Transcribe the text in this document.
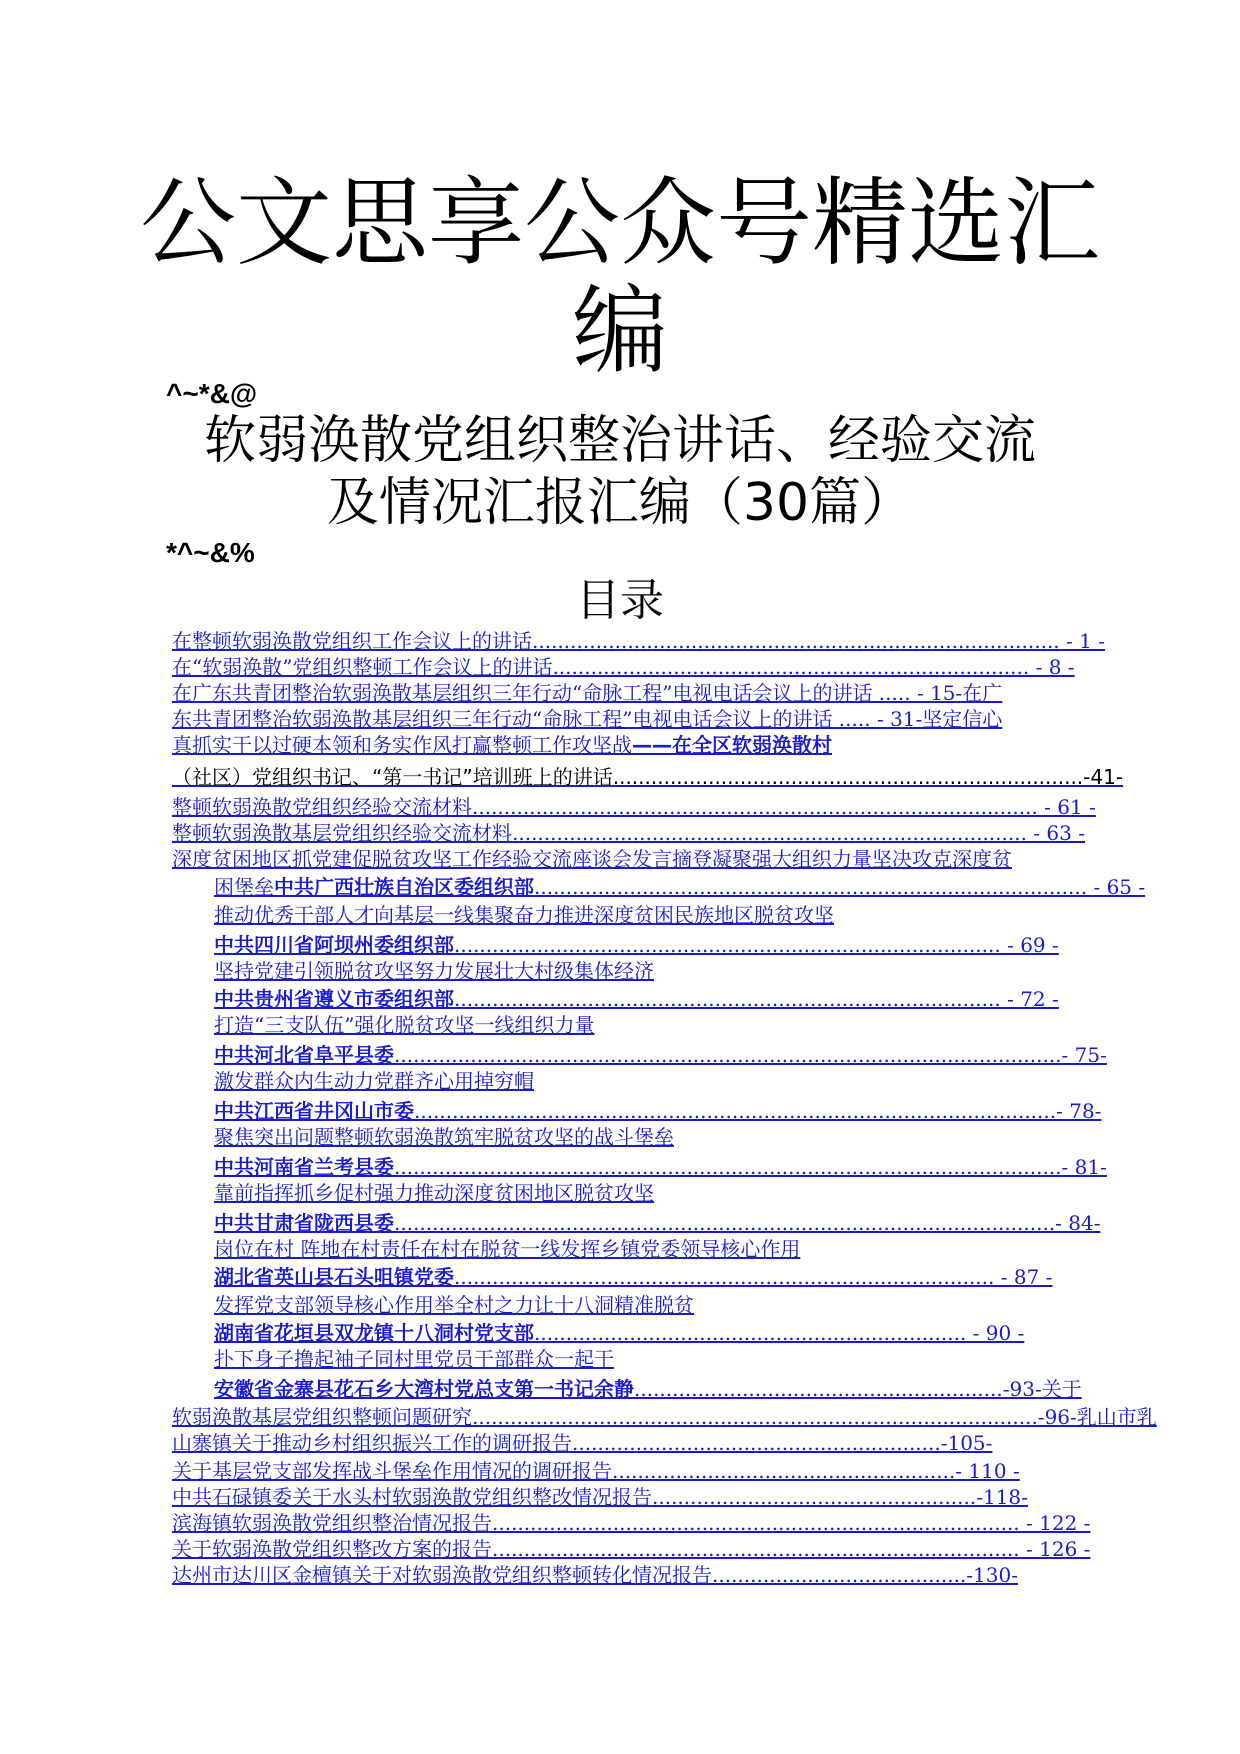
公文思享公众号精选汇
编
^~*&@
软弱涣散党组织整治讲话、经验交流
及情况汇报汇编（30篇）
*^~&%
目录
在整顿软弱涣散党组织工作会议上的讲话................................................................................... - 1 -
在“软弱涣散”党组织整顿工作会议上的讲话........................................................................... - 8 -
在广东共青团整治软弱涣散基层组织三年行动“命脉工程”电视电话会议上的讲话 ..... - 15-在广
东共青团整治软弱涣散基层组织三年行动“命脉工程”电视电话会议上的讲话 ..... - 31-坚定信心
真抓实干以过硬本领和务实作风打赢整顿工作攻坚战——在全区软弱涣散村
（社区）党组织书记、“第一书记”培训班上的讲话..........................................................................-41-
整顿软弱涣散党组织经验交流材料......................................................................................... - 61 -
整顿软弱涣散基层党组织经验交流材料................................................................................. - 63 -
深度贫困地区抓党建促脱贫攻坚工作经验交流座谈会发言摘登凝聚强大组织力量坚决攻克深度贫
困堡垒中共广西壮族自治区委组织部....................................................................................... - 65 -
推动优秀干部人才向基层一线集聚奋力推进深度贫困民族地区脱贫攻坚
中共四川省阿坝州委组织部...................................................................................... - 69 -
坚持党建引领脱贫攻坚努力发展壮大村级集体经济
中共贵州省遵义市委组织部...................................................................................... - 72 -
打造“三支队伍”强化脱贫攻坚一线组织力量
中共河北省阜平县委.........................................................................................................- 75-
激发群众内生动力党群齐心用掉穷帽
中共江西省井冈山市委.....................................................................................................- 78-
聚焦突出问题整顿软弱涣散筑牢脱贫攻坚的战斗堡垒
中共河南省兰考县委.........................................................................................................- 81-
靠前指挥抓乡促村强力推动深度贫困地区脱贫攻坚
中共甘肃省陇西县委........................................................................................................- 84-
岗位在村 阵地在村责任在村在脱贫一线发挥乡镇党委领导核心作用
湖北省英山县石头咀镇党委..................................................................................... - 87 -
发挥党支部领导核心作用举全村之力让十八洞精准脱贫
湖南省花垣县双龙镇十八洞村党支部.................................................................... - 90 -
扑下身子撸起袖子同村里党员干部群众一起干
安徽省金寨县花石乡大湾村党总支第一书记余静..........................................................-93-关于
软弱涣散基层党组织整顿问题研究.........................................................................................-96-乳山市乳
山寨镇关于推动乡村组织振兴工作的调研报告..........................................................-105-
关于基层党支部发挥战斗堡垒作用情况的调研报告......................................................- 110 -
中共石碌镇委关于水头村软弱涣散党组织整改情况报告...................................................-118-
滨海镇软弱涣散党组织整治情况报告................................................................................... - 122 -
关于软弱涣散党组织整改方案的报告................................................................................... - 126 -
达州市达川区金檀镇关于对软弱涣散党组织整顿转化情况报告........................................-130-
